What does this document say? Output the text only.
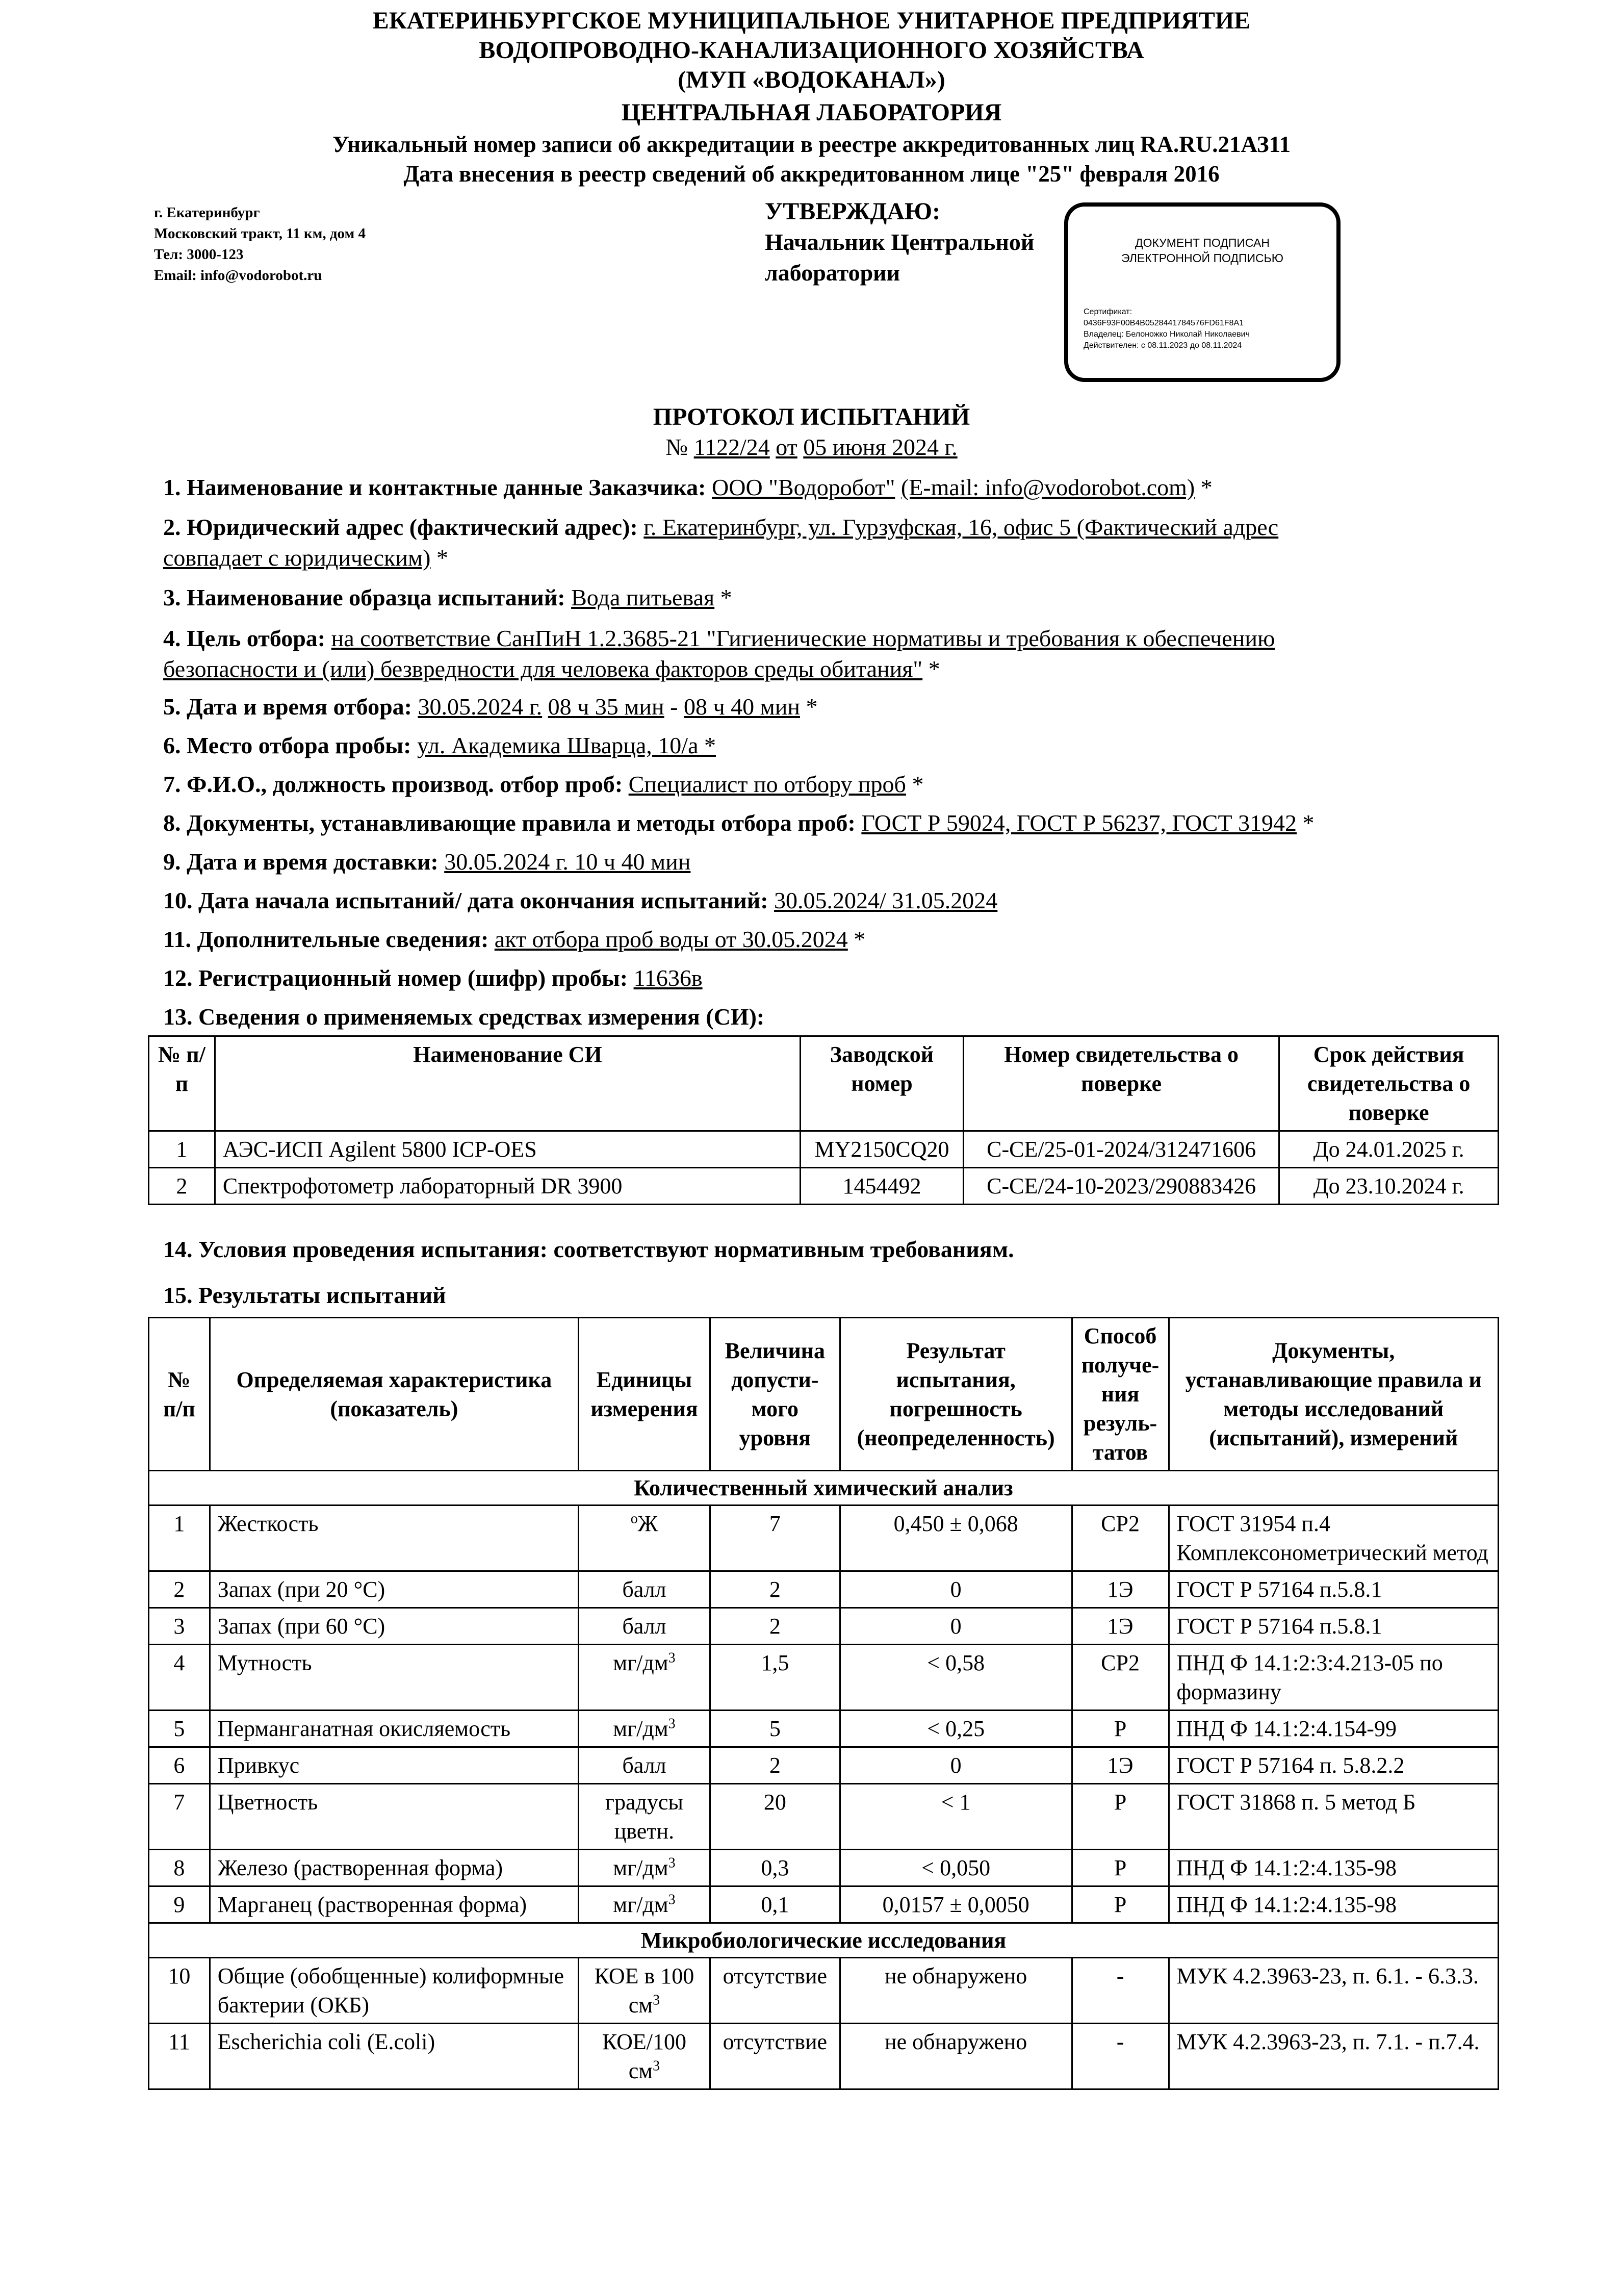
ЕКАТЕРИНБУРГСКОЕ МУНИЦИПАЛЬНОЕ УНИТАРНОЕ ПРЕДПРИЯТИЕ
ВОДОПРОВОДНО-КАНАЛИЗАЦИОННОГО ХОЗЯЙСТВА
(МУП «ВОДОКАНАЛ»)
ЦЕНТРАЛЬНАЯ ЛАБОРАТОРИЯ
Уникальный номер записи об аккредитации в реестре аккредитованных лиц RA.RU.21АЗ11
Дата внесения в реестр сведений об аккредитованном лице "25" февраля 2016
г. Екатеринбург
Московский тракт, 11 км, дом 4
Тел: 3000-123
Email: info@vodorobot.ru
УТВЕРЖДАЮ:
Начальник Центральной
лаборатории
ДОКУМЕНТ ПОДПИСАН
ЭЛЕКТРОННОЙ ПОДПИСЬЮ
Сертификат:
0436F93F00B4B0528441784576FD61F8A1
Владелец: Белоножко Николай Николаевич
Действителен: с 08.11.2023 до 08.11.2024
ПРОТОКОЛ ИСПЫТАНИЙ
№ 1122/24 от 05 июня 2024 г.
1. Наименование и контактные данные Заказчика: ООО "Водоробот" (E-mail: info@vodorobot.com) *
2. Юридический адрес (фактический адрес): г. Екатеринбург, ул. Гурзуфская, 16, офис 5 (Фактический адрес
совпадает с юридическим) *
3. Наименование образца испытаний: Вода питьевая *
4. Цель отбора: на соответствие СанПиН 1.2.3685-21 "Гигиенические нормативы и требования к обеспечению
безопасности и (или) безвредности для человека факторов среды обитания" *
5. Дата и время отбора: 30.05.2024 г. 08 ч 35 мин - 08 ч 40 мин *
6. Место отбора пробы: ул. Академика Шварца, 10/а *
7. Ф.И.О., должность производ. отбор проб: Специалист по отбору проб *
8. Документы, устанавливающие правила и методы отбора проб: ГОСТ Р 59024, ГОСТ Р 56237, ГОСТ 31942 *
9. Дата и время доставки: 30.05.2024 г. 10 ч 40 мин
10. Дата начала испытаний/ дата окончания испытаний: 30.05.2024/ 31.05.2024
11. Дополнительные сведения: акт отбора проб воды от 30.05.2024 *
12. Регистрационный номер (шифр) пробы: 11636в
13. Сведения о применяемых средствах измерения (СИ):
№ п/п	Наименование СИ	Заводской номер	Номер свидетельства о поверке	Срок действия свидетельства о поверке
1	АЭС-ИСП Agilent 5800 ICP-OES	MY2150CQ20	C-CE/25-01-2024/312471606	До 24.01.2025 г.
2	Спектрофотометр лабораторный DR 3900	1454492	C-CE/24-10-2023/290883426	До 23.10.2024 г.
14. Условия проведения испытания: соответствуют нормативным требованиям.
15. Результаты испытаний
№ п/п	Определяемая характеристика (показатель)	Единицы измерения	Величина допусти-мого уровня	Результат испытания, погрешность (неопределенность)	Способ получе-ния резуль-татов	Документы, устанавливающие правила и методы исследований (испытаний), измерений
Количественный химический анализ						
1	Жесткость	$^o$Ж	7	0,450 ± 0,068	СР2	ГОСТ 31954 п.4 Комплексонометрический метод
2	Запах (при 20 °С)	балл	2	0	1Э	ГОСТ Р 57164 п.5.8.1
3	Запах (при 60 °С)	балл	2	0	1Э	ГОСТ Р 57164 п.5.8.1
4	Мутность	$мг/дм^3$	1,5	< 0,58	СР2	ПНД Ф 14.1:2:3:4.213-05 по формазину
5	Перманганатная окисляемость	$мг/дм^3$	5	< 0,25	Р	ПНД Ф 14.1:2:4.154-99
6	Привкус	балл	2	0	1Э	ГОСТ Р 57164 п. 5.8.2.2
7	Цветность	градусы цветн.	20	< 1	Р	ГОСТ 31868 п. 5 метод Б
8	Железо (растворенная форма)	$мг/дм^3$	0,3	< 0,050	Р	ПНД Ф 14.1:2:4.135-98
9	Марганец (растворенная форма)	$мг/дм^3$	0,1	0,0157 ± 0,0050	Р	ПНД Ф 14.1:2:4.135-98
Микробиологические исследования						
10	Общие (обобщенные) колиформные бактерии (ОКБ)	КОЕ в 100 $см^3$	отсутствие	не обнаружено	-	МУК 4.2.3963-23, п. 6.1. - 6.3.3.
11	Escherichia coli (E.coli)	КОЕ/100 $см^3$	отсутствие	не обнаружено	-	МУК 4.2.3963-23, п. 7.1. - п.7.4.
